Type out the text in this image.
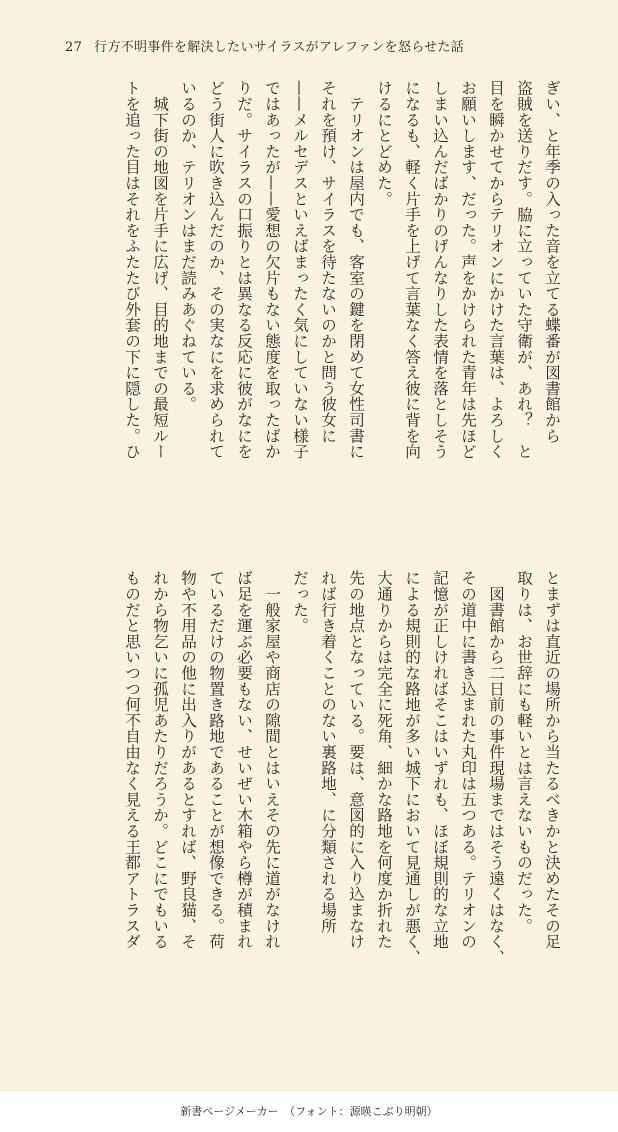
27 行方不明事件を解決したいサイラスがアレファンを怒らせた話

ぎい、と年季の入った音を立てる蝶番が図書館から

盗賊を送りだす。脇に立っていた守衛が、あれ？　と

目を瞬かせてからテリオンにかけた言葉は、よろしく

お願いします、だった。声をかけられた青年は先ほど

しまい込んだばかりのげんなりした表情を落としそう

になるも、軽く片手を上げて言葉なく答え彼に背を向

けるにとどめた。

　テリオンは屋内でも、客室の鍵を閉めて女性司書に

それを預け、サイラスを待たないのかと問う彼女に

——メルセデスといえばまったく気にしていない様子

ではあったが——愛想の欠片もない態度を取ったばか

りだ。サイラスの口振りとは異なる反応に彼がなにを

どう街人に吹き込んだのか、その実なにを求められて

いるのか、テリオンはまだ読みあぐねている。

　城下街の地図を片手に広げ、目的地までの最短ルー

トを追った目はそれをふたたび外套の下に隠した。ひ

とまずは直近の場所から当たるべきかと決めたその足

取りは、お世辞にも軽いとは言えないものだった。

　図書館から二日前の事件現場まではそう遠くはなく、

その道中に書き込まれた丸印は五つある。テリオンの

記憶が正しければそこはいずれも、ほぼ規則的な立地

による規則的な路地が多い城下において見通しが悪く、

大通りからは完全に死角、細かな路地を何度か折れた

先の地点となっている。要は、意図的に入り込まなけ

れば行き着くことのない裏路地、に分類される場所

だった。

　一般家屋や商店の隙間とはいえその先に道がなけれ

ば足を運ぶ必要もない、せいぜい木箱やら樽が積まれ

ているだけの物置き路地であることが想像できる。荷

物や不用品の他に出入りがあるとすれば、野良猫、そ

れから物乞いに孤児あたりだろうか。どこにでもいる

ものだと思いつつ何不自由なく見える王都アトラスダ

新書ページメーカー　（フォント：源暎こぶり明朝）
